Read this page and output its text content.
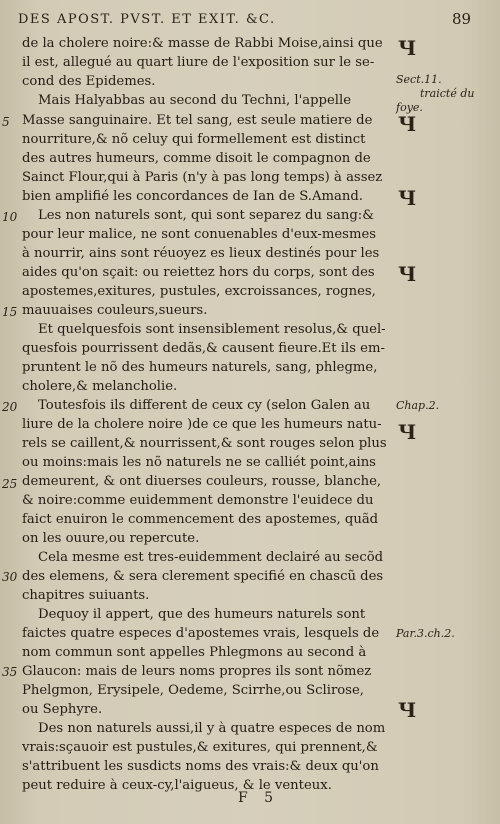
DES APOST. PVST. ET EXIT. &C.	89
de la cholere noire:& masse de Rabbi Moise,ainsi que
il est, allegué au quart liure de l'exposition sur le se-
cond des Epidemes.
Mais Halyabbas au second du Techni, l'appelle
Masse sanguinaire. Et tel sang, est seule matiere de
nourriture,& nõ celuy qui formellement est distinct
des autres humeurs, comme disoit le compagnon de
Sainct Flour,qui à Paris (n'y à pas long temps) à assez
bien amplifié les concordances de Ian de S.Amand.
Les non naturels sont, qui sont separez du sang:&
pour leur malice, ne sont conuenables d'eux-mesmes
à nourrir, ains sont réuoyez es lieux destinés pour les
aides qu'on sçait: ou reiettez hors du corps, sont des
apostemes,exitures, pustules, excroissances, rognes,
mauuaises couleurs,sueurs.
Et quelquesfois sont insensiblement resolus,& quel-
quesfois pourrissent dedãs,& causent fieure.Et ils em-
pruntent le nõ des humeurs naturels, sang, phlegme,
cholere,& melancholie.
Toutesfois ils different de ceux cy (selon Galen au
liure de la cholere noire )de ce que les humeurs natu-
rels se caillent,& nourrissent,& sont rouges selon plus
ou moins:mais les nõ naturels ne se calliét point,ains
demeurent, & ont diuerses couleurs, rousse, blanche,
& noire:comme euidemment demonstre l'euidece du
faict enuiron le commencement des apostemes, quãd
on les ouure,ou repercute.
Cela mesme est tres-euidemment declairé au secõd
des elemens, & sera clerement specifié en chascũ des
chapitres suiuants.
Dequoy il appert, que des humeurs naturels sont
faictes quatre especes d'apostemes vrais, lesquels de
nom commun sont appelles Phlegmons au second à
Glaucon: mais de leurs noms propres ils sont nõmez
Phelgmon, Erysipele, Oedeme, Scirrhe,ou Sclirose,
ou Sephyre.
Des non naturels aussi,il y à quatre especes de nom
vrais:sçauoir est pustules,& exitures, qui prennent,&
s'attribuent les susdicts noms des vrais:& deux qu'on
peut reduire à ceux-cy,l'aigueus, & le venteux.
5
10
15
20
25
30
35
Sect.11.
traicté du
foye.
Chap.2.
Par.3.ch.2.
Ч
Ч
Ч
Ч
Ч
Ч
F 5
